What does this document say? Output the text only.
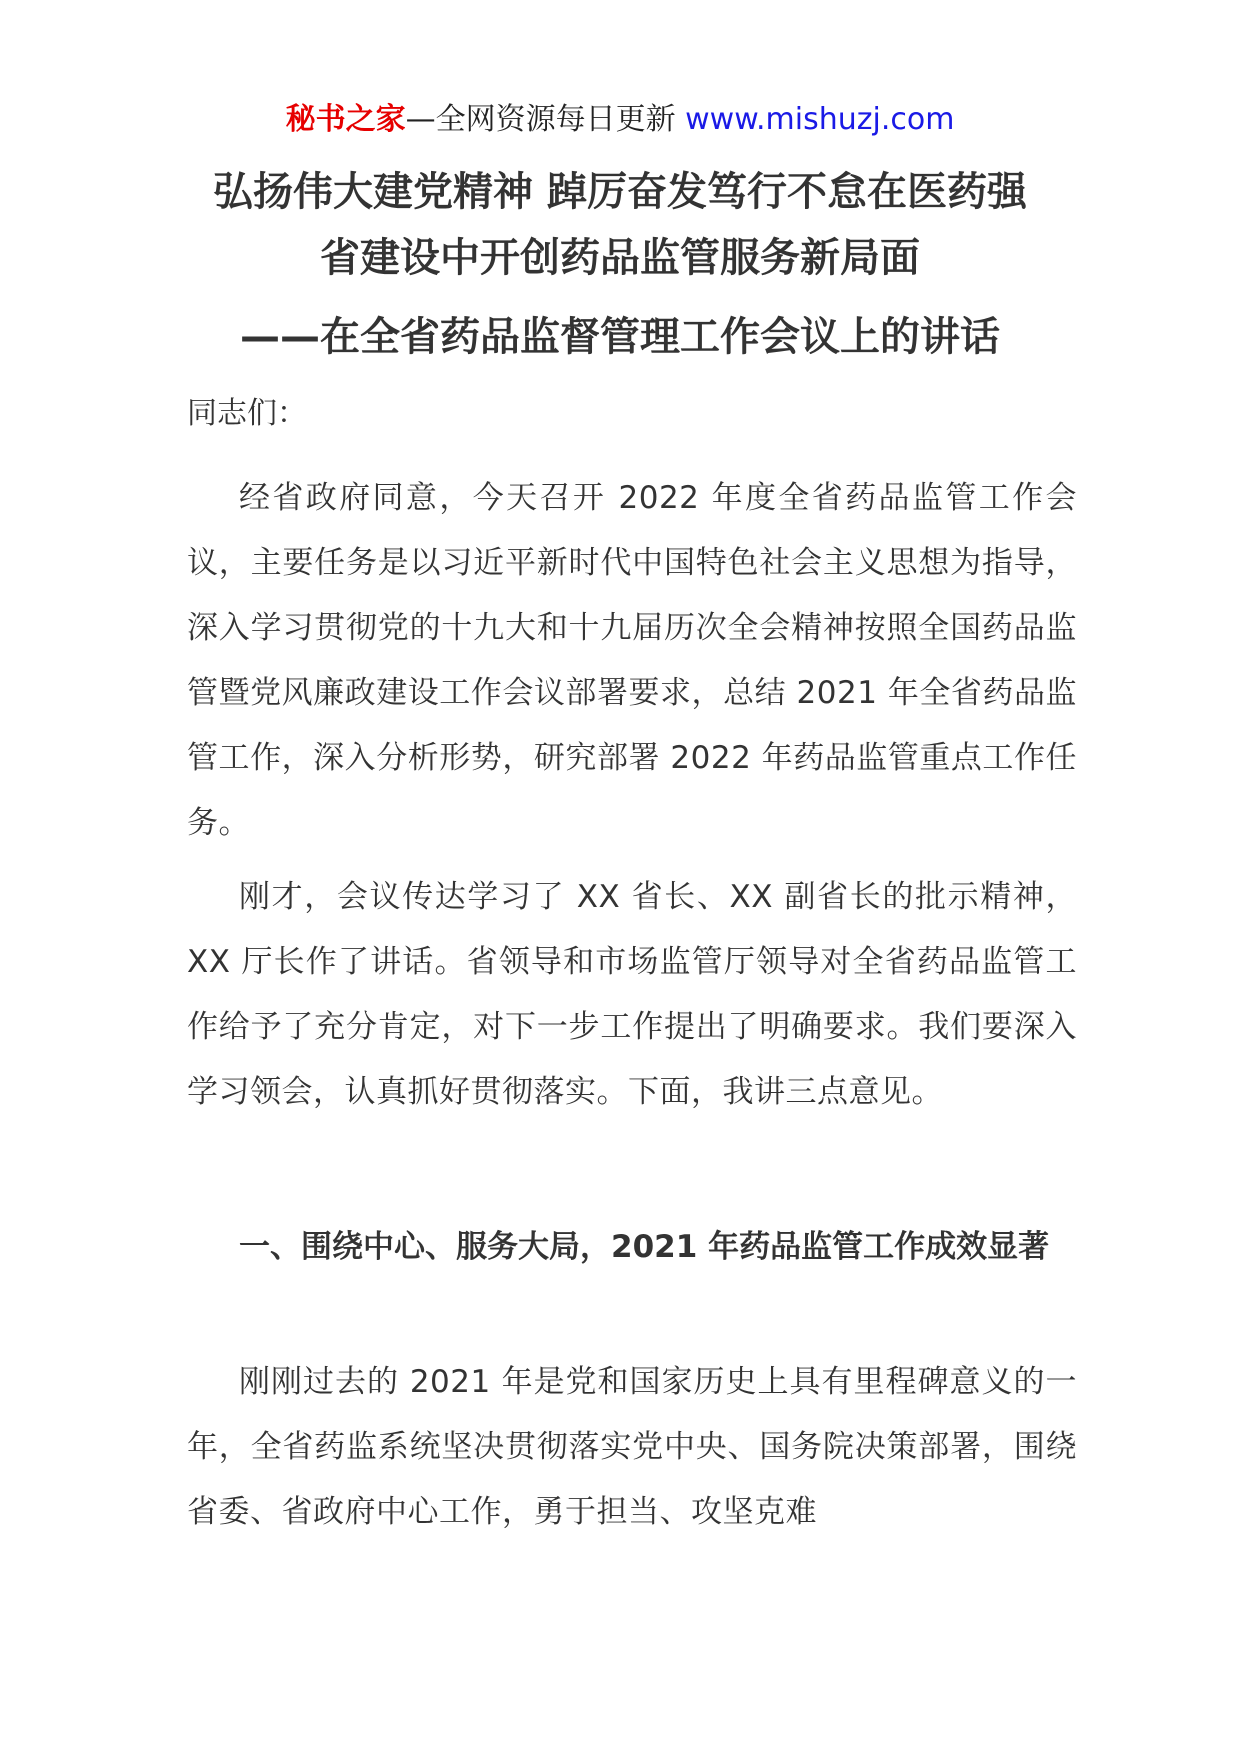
秘书之家—全网资源每日更新 www.mishuzj.com
弘扬伟大建党精神 踔厉奋发笃行不怠在医药强
省建设中开创药品监管服务新局面
——在全省药品监督管理工作会议上的讲话
同志们：
经省政府同意，今天召开 2022 年度全省药品监管工作会议，主要任务是以习近平新时代中国特色社会主义思想为指导，深入学习贯彻党的十九大和十九届历次全会精神按照全国药品监管暨党风廉政建设工作会议部署要求，总结 2021 年全省药品监管工作，深入分析形势，研究部署 2022 年药品监管重点工作任务。
刚才，会议传达学习了 XX 省长、XX 副省长的批示精神，XX 厅长作了讲话。省领导和市场监管厅领导对全省药品监管工作给予了充分肯定，对下一步工作提出了明确要求。我们要深入学习领会，认真抓好贯彻落实。下面，我讲三点意见。
一、围绕中心、服务大局，2021 年药品监管工作成效显著
刚刚过去的 2021 年是党和国家历史上具有里程碑意义的一年，全省药监系统坚决贯彻落实党中央、国务院决策部署，围绕省委、省政府中心工作，勇于担当、攻坚克难
